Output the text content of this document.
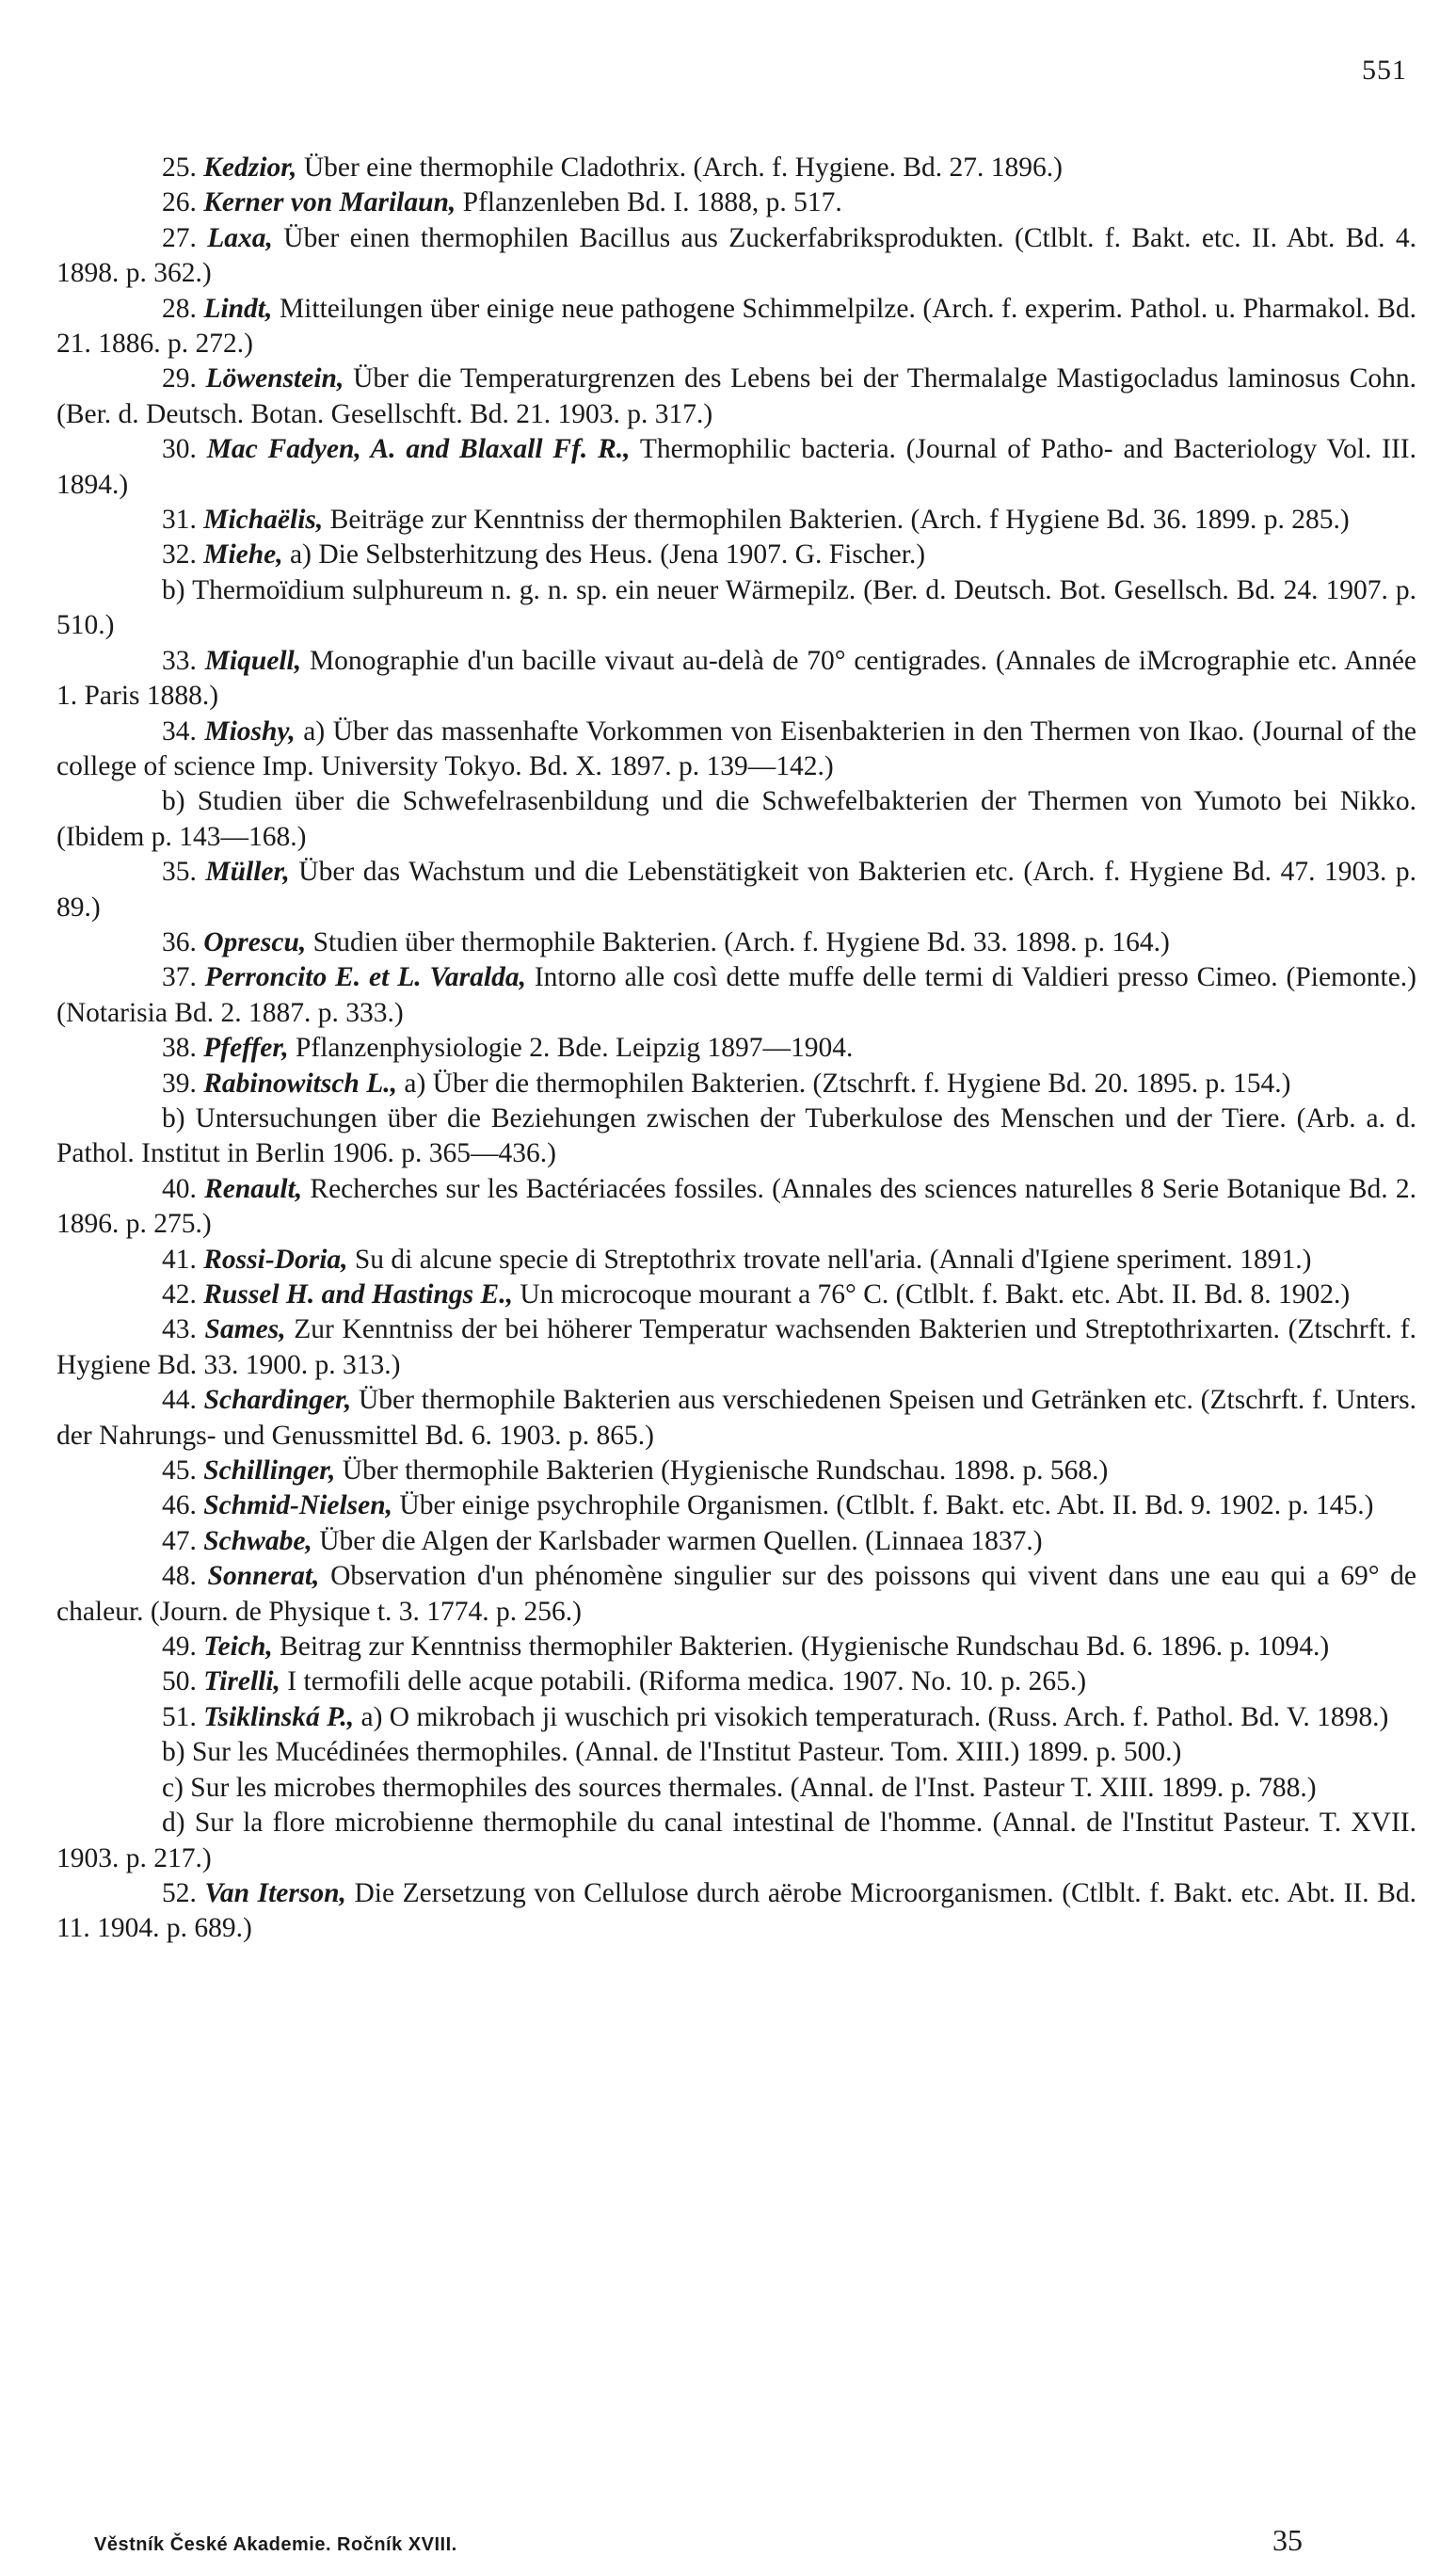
551

25. Kedzior, Über eine thermophile Cladothrix. (Arch. f. Hygiene. Bd. 27. 1896.)

26. Kerner von Marilaun, Pflanzenleben Bd. I. 1888, p. 517.

27. Laxa, Über einen thermophilen Bacillus aus Zuckerfabriksprodukten. (Ctlblt. f. Bakt. etc. II. Abt. Bd. 4. 1898. p. 362.)

28. Lindt, Mitteilungen über einige neue pathogene Schimmelpilze. (Arch. f. experim. Pathol. u. Pharmakol. Bd. 21. 1886. p. 272.)

29. Löwenstein, Über die Temperaturgrenzen des Lebens bei der Thermalalge Mastigocladus laminosus Cohn. (Ber. d. Deutsch. Botan. Gesellschft. Bd. 21. 1903. p. 317.)

30. Mac Fadyen, A. and Blaxall Ff. R., Thermophilic bacteria. (Journal of Patho- and Bacteriology Vol. III. 1894.)

31. Michaëlis, Beiträge zur Kenntniss der thermophilen Bakterien. (Arch. f Hygiene Bd. 36. 1899. p. 285.)

32. Miehe, a) Die Selbsterhitzung des Heus. (Jena 1907. G. Fischer.)

b) Thermoïdium sulphureum n. g. n. sp. ein neuer Wärmepilz. (Ber. d. Deutsch. Bot. Gesellsch. Bd. 24. 1907. p. 510.)

33. Miquell, Monographie d'un bacille vivaut au-delà de 70° centigrades. (Annales de iMcrographie etc. Année 1. Paris 1888.)

34. Mioshy, a) Über das massenhafte Vorkommen von Eisenbakterien in den Thermen von Ikao. (Journal of the college of science Imp. University Tokyo. Bd. X. 1897. p. 139—142.)

b) Studien über die Schwefelrasenbildung und die Schwefelbakterien der Thermen von Yumoto bei Nikko. (Ibidem p. 143—168.)

35. Müller, Über das Wachstum und die Lebenstätigkeit von Bakterien etc. (Arch. f. Hygiene Bd. 47. 1903. p. 89.)

36. Oprescu, Studien über thermophile Bakterien. (Arch. f. Hygiene Bd. 33. 1898. p. 164.)

37. Perroncito E. et L. Varalda, Intorno alle così dette muffe delle termi di Valdieri presso Cimeo. (Piemonte.) (Notarisia Bd. 2. 1887. p. 333.)

38. Pfeffer, Pflanzenphysiologie 2. Bde. Leipzig 1897—1904.

39. Rabinowitsch L., a) Über die thermophilen Bakterien. (Ztschrft. f. Hygiene Bd. 20. 1895. p. 154.)

b) Untersuchungen über die Beziehungen zwischen der Tuberkulose des Menschen und der Tiere. (Arb. a. d. Pathol. Institut in Berlin 1906. p. 365—436.)

40. Renault, Recherches sur les Bactériacées fossiles. (Annales des sciences naturelles 8 Serie Botanique Bd. 2. 1896. p. 275.)

41. Rossi-Doria, Su di alcune specie di Streptothrix trovate nell'aria. (Annali d'Igiene speriment. 1891.)

42. Russel H. and Hastings E., Un microcoque mourant a 76° C. (Ctlblt. f. Bakt. etc. Abt. II. Bd. 8. 1902.)

43. Sames, Zur Kenntniss der bei höherer Temperatur wachsenden Bakterien und Streptothrixarten. (Ztschrft. f. Hygiene Bd. 33. 1900. p. 313.)

44. Schardinger, Über thermophile Bakterien aus verschiedenen Speisen und Getränken etc. (Ztschrft. f. Unters. der Nahrungs- und Genussmittel Bd. 6. 1903. p. 865.)

45. Schillinger, Über thermophile Bakterien (Hygienische Rundschau. 1898. p. 568.)

46. Schmid-Nielsen, Über einige psychrophile Organismen. (Ctlblt. f. Bakt. etc. Abt. II. Bd. 9. 1902. p. 145.)

47. Schwabe, Über die Algen der Karlsbader warmen Quellen. (Linnaea 1837.)

48. Sonnerat, Observation d'un phénomène singulier sur des poissons qui vivent dans une eau qui a 69° de chaleur. (Journ. de Physique t. 3. 1774. p. 256.)

49. Teich, Beitrag zur Kenntniss thermophiler Bakterien. (Hygienische Rundschau Bd. 6. 1896. p. 1094.)

50. Tirelli, I termofili delle acque potabili. (Riforma medica. 1907. No. 10. p. 265.)

51. Tsiklinská P., a) O mikrobach ji wuschich pri visokich temperaturach. (Russ. Arch. f. Pathol. Bd. V. 1898.)

b) Sur les Mucédinées thermophiles. (Annal. de l'Institut Pasteur. Tom. XIII.) 1899. p. 500.)

c) Sur les microbes thermophiles des sources thermales. (Annal. de l'Inst. Pasteur T. XIII. 1899. p. 788.)

d) Sur la flore microbienne thermophile du canal intestinal de l'homme. (Annal. de l'Institut Pasteur. T. XVII. 1903. p. 217.)

52. Van Iterson, Die Zersetzung von Cellulose durch aërobe Microorganismen. (Ctlblt. f. Bakt. etc. Abt. II. Bd. 11. 1904. p. 689.)

Věstník České Akademie. Ročník XVIII.	35
